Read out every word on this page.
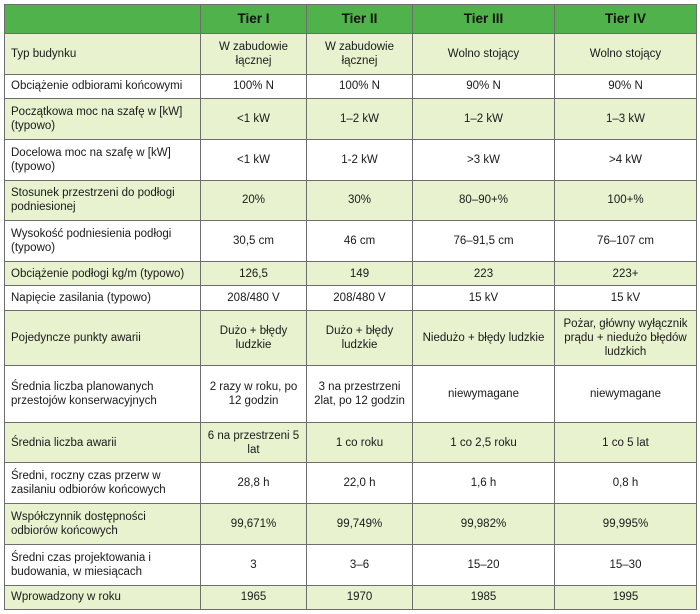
	Tier I	Tier II	Tier III	Tier IV
Typ budynku	W zabudowie łącznej	W zabudowie łącznej	Wolno stojący	Wolno stojący
Obciążenie odbiorami końcowymi	100% N	100% N	90% N	90% N
Początkowa moc na szafę w [kW] (typowo)	<1 kW	1–2 kW	1–2 kW	1–3 kW
Docelowa moc na szafę w [kW] (typowo)	<1 kW	1-2 kW	>3 kW	>4 kW
Stosunek przestrzeni do podłogi podniesionej	20%	30%	80–90+%	100+%
Wysokość podniesienia podłogi (typowo)	30,5 cm	46 cm	76–91,5 cm	76–107 cm
Obciążenie podłogi kg/m (typowo)	126,5	149	223	223+
Napięcie zasilania (typowo)	208/480 V	208/480 V	15 kV	15 kV
Pojedyncze punkty awarii	Dużo + błędy ludzkie	Dużo + błędy ludzkie	Niedużo + błędy ludzkie	Pożar, główny wyłącznik prądu + niedużo błędów ludzkich
Średnia liczba planowanych przestojów konserwacyjnych	2 razy w roku, po 12 godzin	3 na przestrzeni 2lat, po 12 godzin	niewymagane	niewymagane
Średnia liczba awarii	6 na przestrzeni 5 lat	1 co roku	1 co 2,5 roku	1 co 5 lat
Średni, roczny czas przerw w zasilaniu odbiorów końcowych	28,8 h	22,0 h	1,6 h	0,8 h
Współczynnik dostępności odbiorów końcowych	99,671%	99,749%	99,982%	99,995%
Średni czas projektowania i budowania, w miesiącach	3	3–6	15–20	15–30
Wprowadzony w roku	1965	1970	1985	1995
